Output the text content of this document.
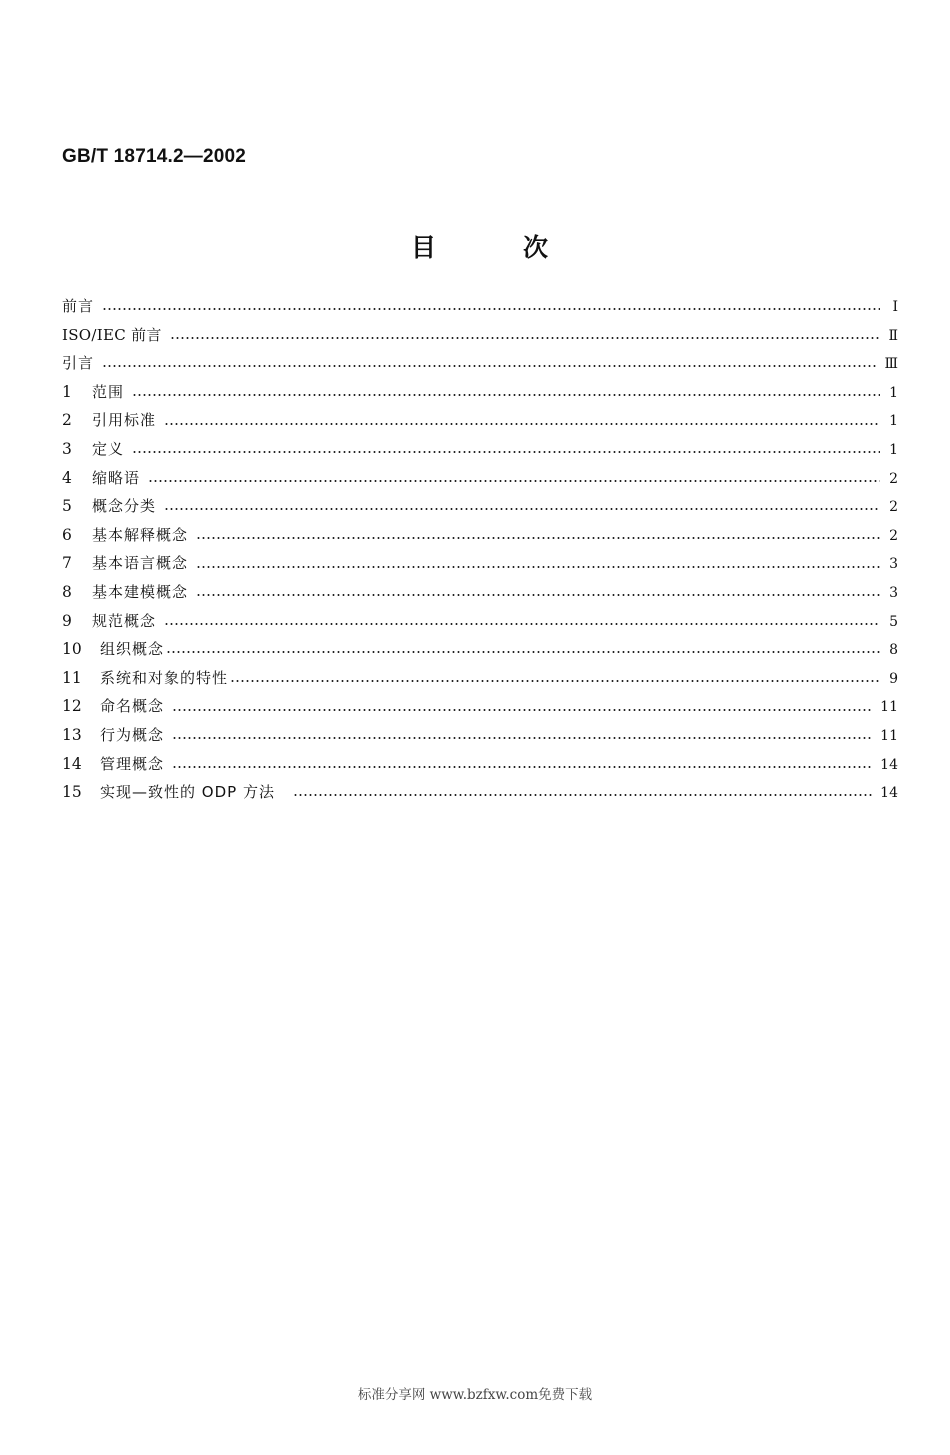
GB/T 18714.2—2002
目	次
前言	I
ISO/IEC 前言	Ⅱ
引言	Ⅲ
1	范围	1
2	引用标准	1
3	定义	1
4	缩略语	2
5	概念分类	2
6	基本解释概念	2
7	基本语言概念	3
8	基本建模概念	3
9	规范概念	5
10	组织概念	8
11	系统和对象的特性	9
12	命名概念	11
13	行为概念	11
14	管理概念	14
15	实现—致性的 ODP 方法	14
标准分享网 www.bzfxw.com免费下载
